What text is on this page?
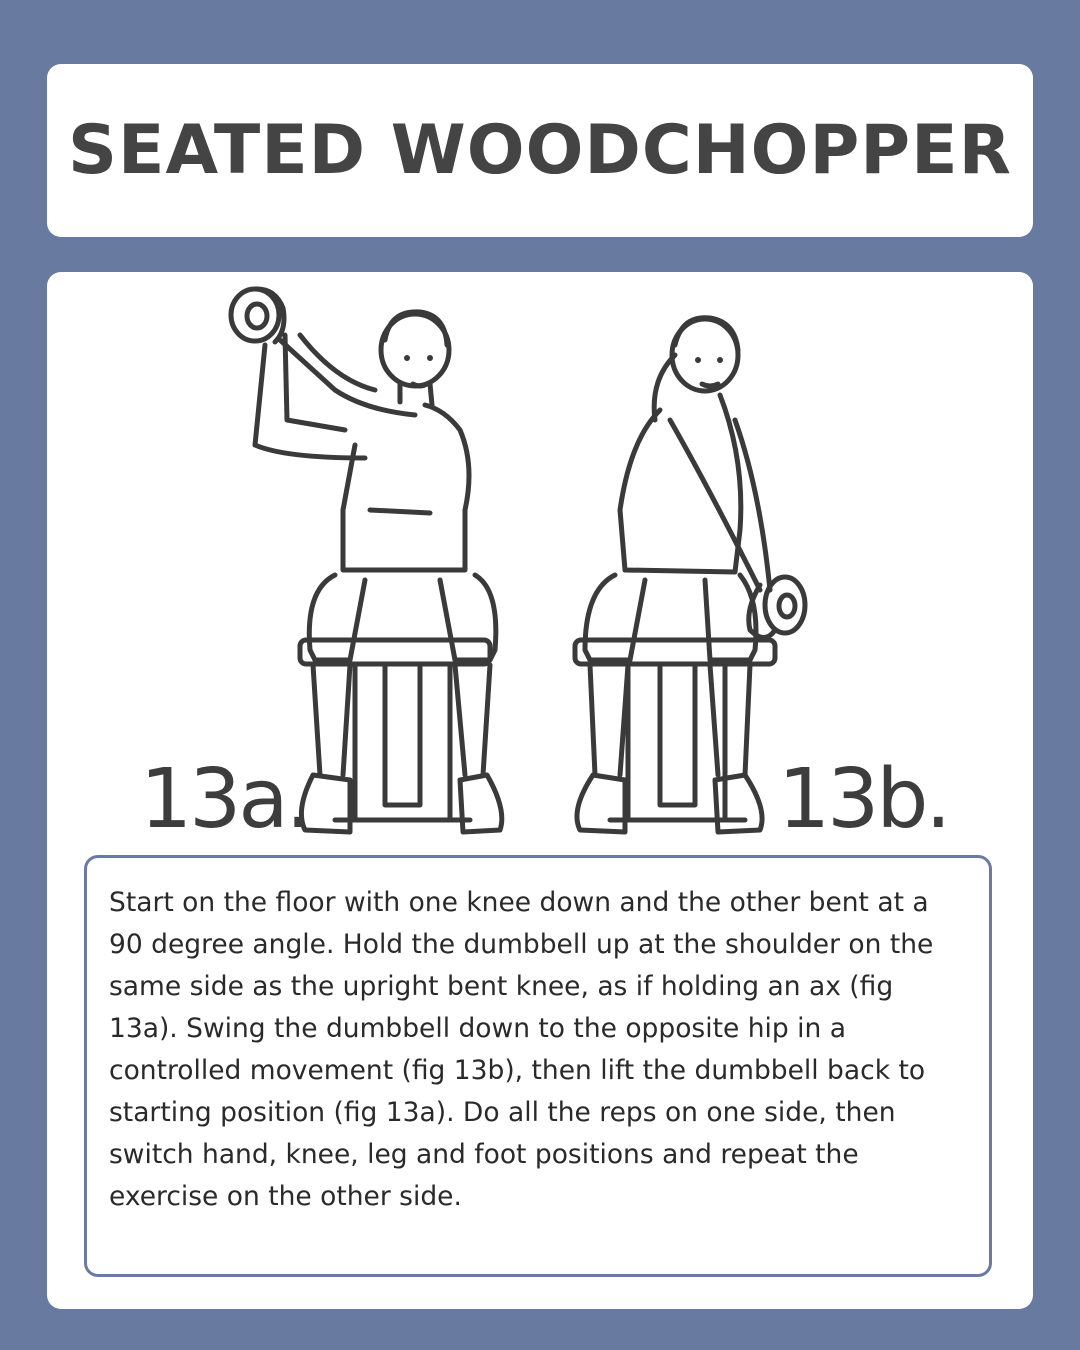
SEATED WOODCHOPPER
13a.	13b.

Start on the floor with one knee down and the other bent at a 90 degree angle. Hold the dumbbell up at the shoulder on the same side as the upright bent knee, as if holding an ax (fig 13a). Swing the dumbbell down to the opposite hip in a controlled movement (fig 13b), then lift the dumbbell back to starting position (fig 13a). Do all the reps on one side, then switch hand, knee, leg and foot positions and repeat the exercise on the other side.
